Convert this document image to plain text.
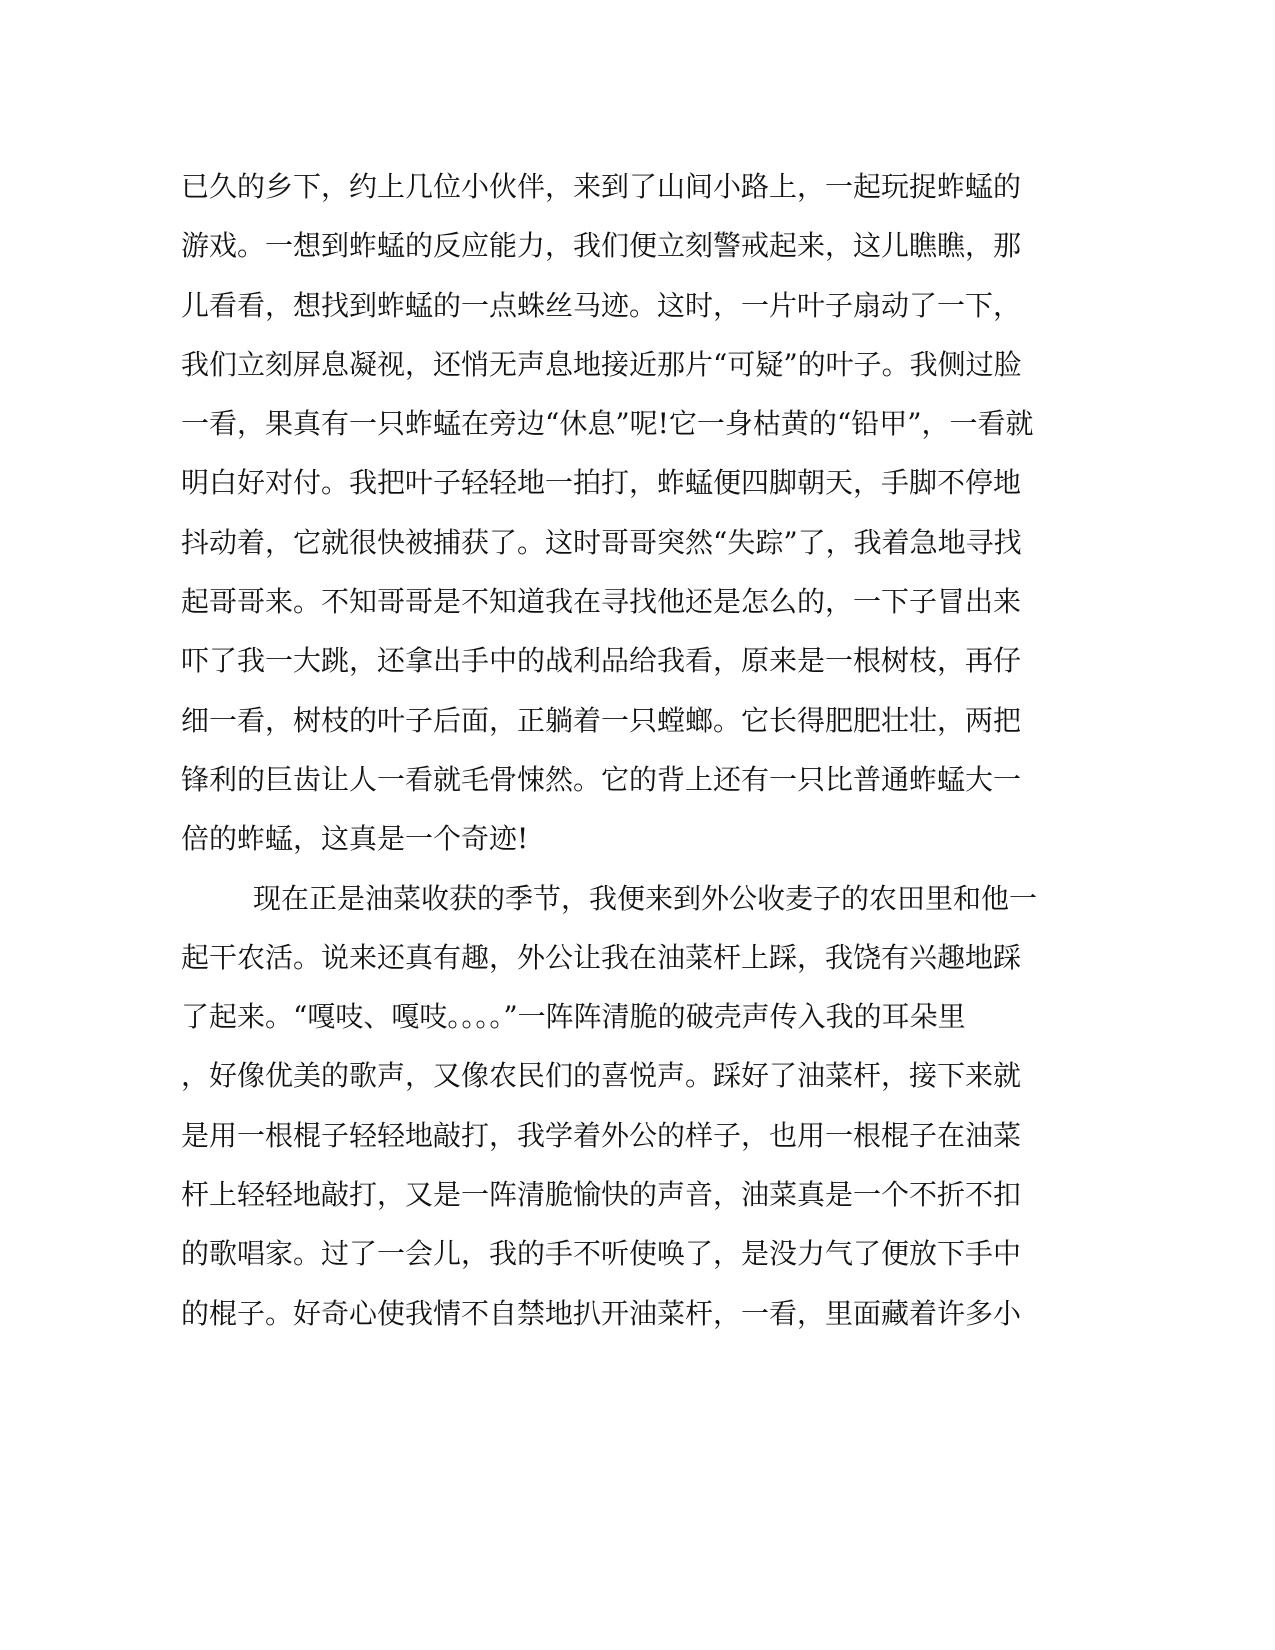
已久的乡下，约上几位小伙伴，来到了山间小路上，一起玩捉蚱蜢的
游戏。一想到蚱蜢的反应能力，我们便立刻警戒起来，这儿瞧瞧，那
儿看看，想找到蚱蜢的一点蛛丝马迹。这时，一片叶子扇动了一下，
我们立刻屏息凝视，还悄无声息地接近那片“可疑”的叶子。我侧过脸
一看，果真有一只蚱蜢在旁边“休息”呢!它一身枯黄的“铅甲”，一看就
明白好对付。我把叶子轻轻地一拍打，蚱蜢便四脚朝天，手脚不停地
抖动着，它就很快被捕获了。这时哥哥突然“失踪”了，我着急地寻找
起哥哥来。不知哥哥是不知道我在寻找他还是怎么的，一下子冒出来
吓了我一大跳，还拿出手中的战利品给我看，原来是一根树枝，再仔
细一看，树枝的叶子后面，正躺着一只螳螂。它长得肥肥壮壮，两把
锋利的巨齿让人一看就毛骨悚然。它的背上还有一只比普通蚱蜢大一
倍的蚱蜢，这真是一个奇迹!
现在正是油菜收获的季节，我便来到外公收麦子的农田里和他一
起干农活。说来还真有趣，外公让我在油菜杆上踩，我饶有兴趣地踩
了起来。“嘎吱、嘎吱。。。。”一阵阵清脆的破壳声传入我的耳朵里
，好像优美的歌声，又像农民们的喜悦声。踩好了油菜杆，接下来就
是用一根棍子轻轻地敲打，我学着外公的样子，也用一根棍子在油菜
杆上轻轻地敲打，又是一阵清脆愉快的声音，油菜真是一个不折不扣
的歌唱家。过了一会儿，我的手不听使唤了，是没力气了便放下手中
的棍子。好奇心使我情不自禁地扒开油菜杆，一看，里面藏着许多小
